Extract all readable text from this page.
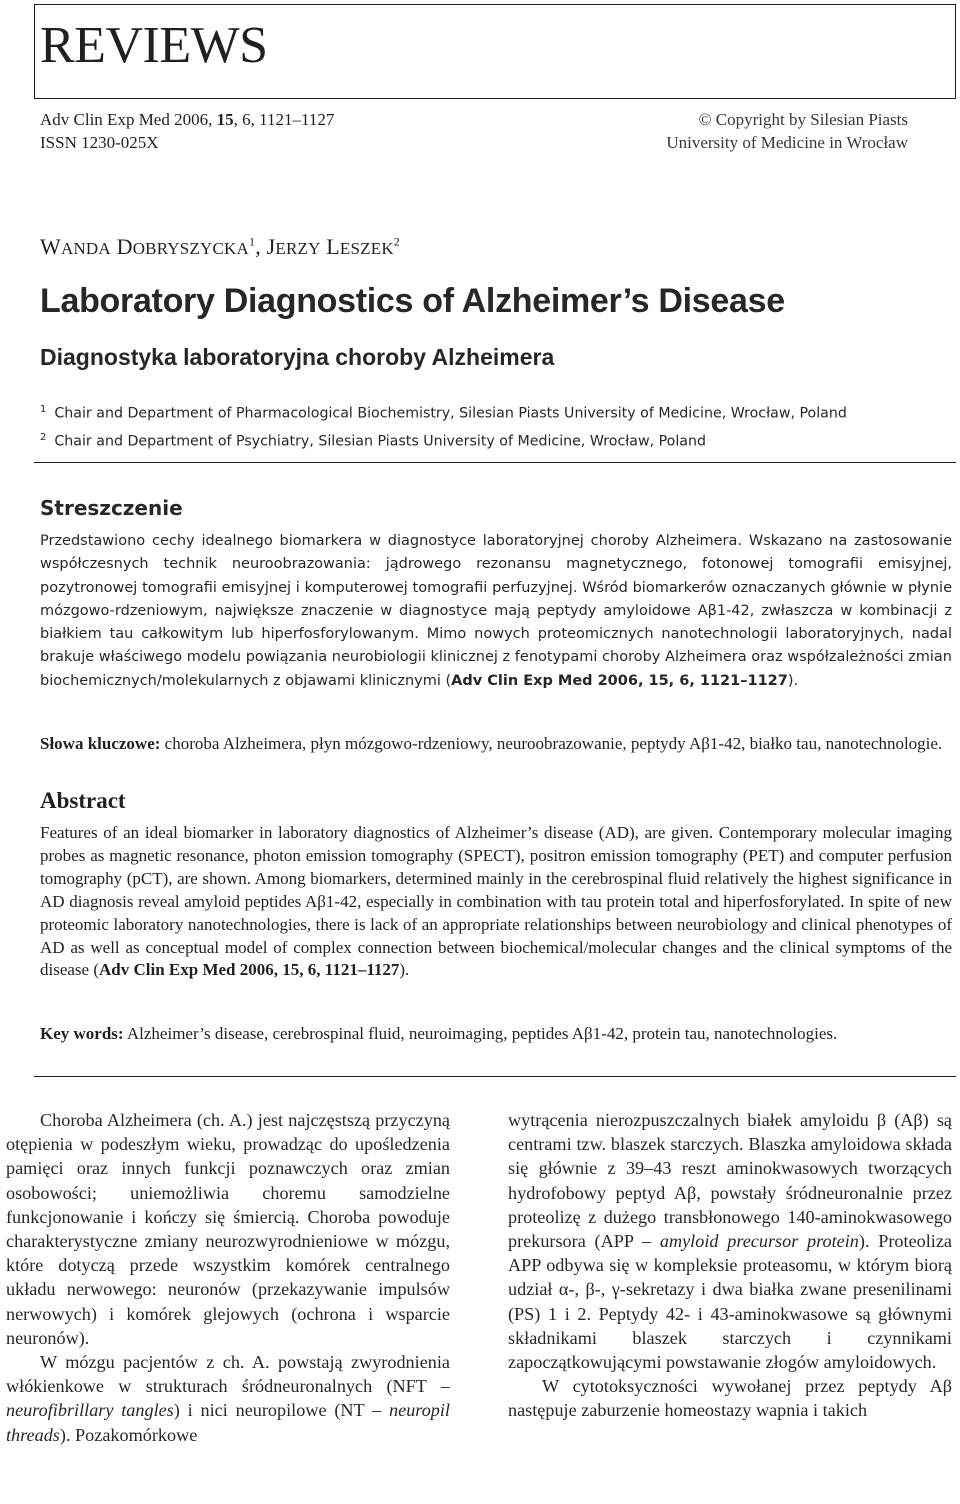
REVIEWS
Adv Clin Exp Med 2006, 15, 6, 1121–1127
ISSN 1230-025X
© Copyright by Silesian Piasts
University of Medicine in Wrocław
WANDA DOBRYSZYCKA$^1$, JERZY LESZEK$^2$
Laboratory Diagnostics of Alzheimer’s Disease
Diagnostyka laboratoryjna choroby Alzheimera
$^1$ Chair and Department of Pharmacological Biochemistry, Silesian Piasts University of Medicine, Wrocław, Poland
$^2$ Chair and Department of Psychiatry, Silesian Piasts University of Medicine, Wrocław, Poland
Streszczenie
Przedstawiono cechy idealnego biomarkera w diagnostyce laboratoryjnej choroby Alzheimera. Wskazano na zastosowanie współczesnych technik neuroobrazowania: jądrowego rezonansu magnetycznego, fotonowej tomografii emisyjnej, pozytronowej tomografii emisyjnej i komputerowej tomografii perfuzyjnej. Wśród biomarkerów oznaczanych głównie w płynie mózgowo-rdzeniowym, największe znaczenie w diagnostyce mają peptydy amyloidowe Aβ1-42, zwłaszcza w kombinacji z białkiem tau całkowitym lub hiperfosforylowanym. Mimo nowych proteomicznych nanotechnologii laboratoryjnych, nadal brakuje właściwego modelu powiązania neurobiologii klinicznej z fenotypami choroby Alzheimera oraz współzależności zmian biochemicznych/molekularnych z objawami klinicznymi (Adv Clin Exp Med 2006, 15, 6, 1121–1127).
Słowa kluczowe: choroba Alzheimera, płyn mózgowo-rdzeniowy, neuroobrazowanie, peptydy Aβ1-42, białko tau, nanotechnologie.
Abstract
Features of an ideal biomarker in laboratory diagnostics of Alzheimer’s disease (AD), are given. Contemporary molecular imaging probes as magnetic resonance, photon emission tomography (SPECT), positron emission tomography (PET) and computer perfusion tomography (pCT), are shown. Among biomarkers, determined mainly in the cerebrospinal fluid relatively the highest significance in AD diagnosis reveal amyloid peptides Aβ1-42, especially in combination with tau protein total and hiperfosforylated. In spite of new proteomic laboratory nanotechnologies, there is lack of an appropriate relationships between neurobiology and clinical phenotypes of AD as well as conceptual model of complex connection between biochemical/molecular changes and the clinical symptoms of the disease (Adv Clin Exp Med 2006, 15, 6, 1121–1127).
Key words: Alzheimer’s disease, cerebrospinal fluid, neuroimaging, peptides Aβ1-42, protein tau, nanotechnologies.

Choroba Alzheimera (ch. A.) jest najczęstszą przyczyną otępienia w podeszłym wieku, prowadząc do upośledzenia pamięci oraz innych funkcji poznawczych oraz zmian osobowości; uniemożliwia choremu samodzielne funkcjonowanie i kończy się śmiercią. Choroba powoduje charakterystyczne zmiany neurozwyrodnieniowe w mózgu, które dotyczą przede wszystkim komórek centralnego układu nerwowego: neuronów (przekazywanie impulsów nerwowych) i komórek glejowych (ochrona i wsparcie neuronów).

W mózgu pacjentów z ch. A. powstają zwyrodnienia włókienkowe w strukturach śródneuronalnych (NFT – neurofibrillary tangles) i nici neuropilowe (NT – neuropil threads). Pozakomórkowe

wytrącenia nierozpuszczalnych białek amyloidu β (Aβ) są centrami tzw. blaszek starczych. Blaszka amyloidowa składa się głównie z 39–43 reszt aminokwasowych tworzących hydrofobowy peptyd Aβ, powstały śródneuronalnie przez proteolizę z dużego transbłonowego 140-aminokwasowego prekursora (APP – amyloid precursor protein). Proteoliza APP odbywa się w kompleksie proteasomu, w którym biorą udział α-, β-, γ-sekretazy i dwa białka zwane presenilinami (PS) 1 i 2. Peptydy 42- i 43-aminokwasowe są głównymi składnikami blaszek starczych i czynnikami zapoczątkowującymi powstawanie złogów amyloidowych.

W cytotoksyczności wywołanej przez peptydy Aβ następuje zaburzenie homeostazy wapnia i takich
